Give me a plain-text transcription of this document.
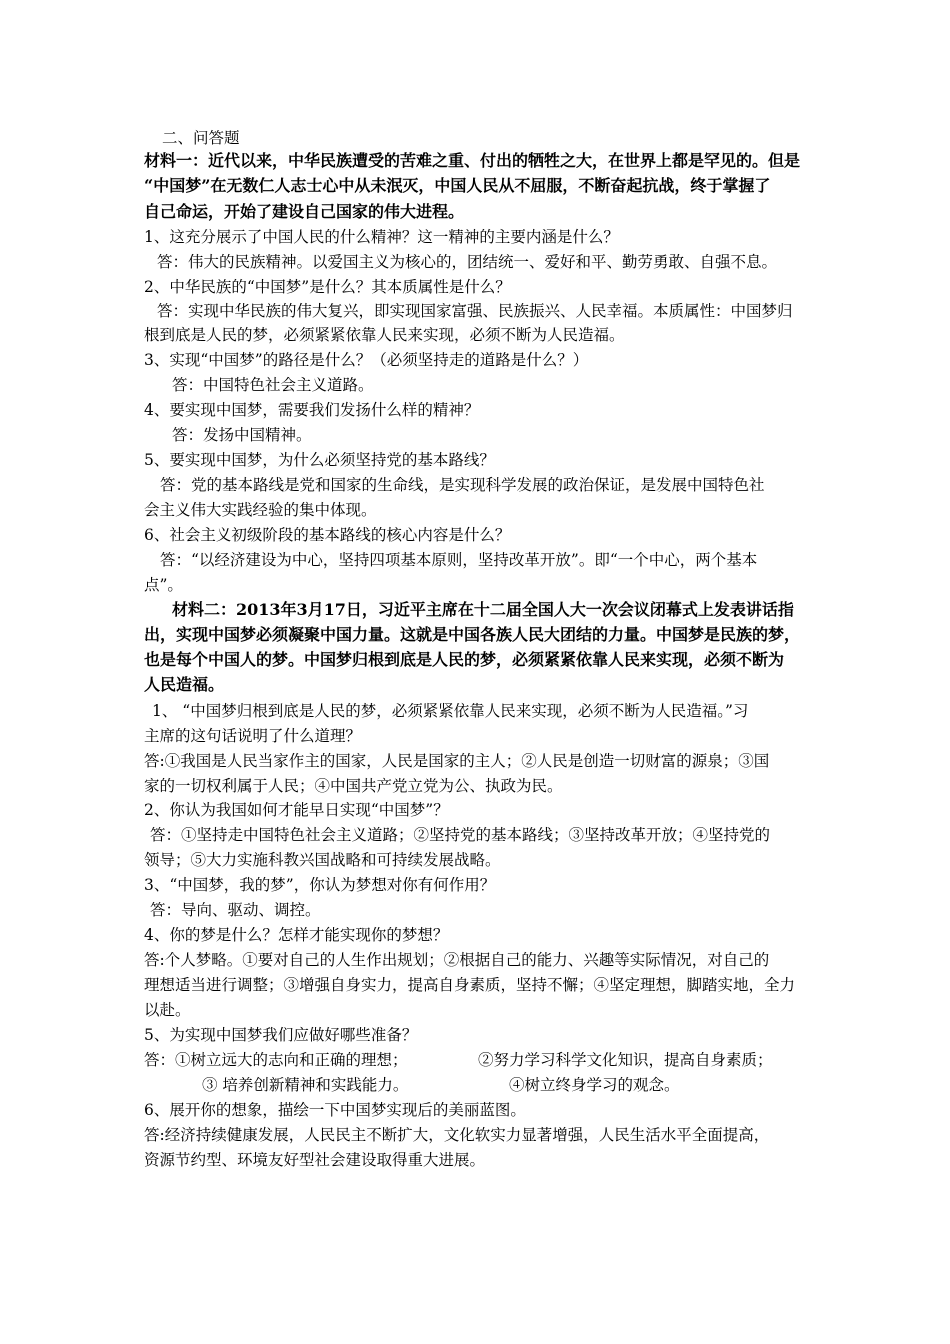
二、问答题
材料一：近代以来，中华民族遭受的苦难之重、付出的牺牲之大，在世界上都是罕见的。但是
“中国梦”在无数仁人志士心中从未泯灭，中国人民从不屈服，不断奋起抗战，终于掌握了
自己命运，开始了建设自己国家的伟大进程。
1、这充分展示了中国人民的什么精神？这一精神的主要内涵是什么？
答：伟大的民族精神。以爱国主义为核心的，团结统一、爱好和平、勤劳勇敢、自强不息。
2、中华民族的“中国梦”是什么？其本质属性是什么？
答：实现中华民族的伟大复兴，即实现国家富强、民族振兴、人民幸福。本质属性：中国梦归
根到底是人民的梦，必须紧紧依靠人民来实现，必须不断为人民造福。
3、实现“中国梦”的路径是什么？（必须坚持走的道路是什么？）
答：中国特色社会主义道路。
4、要实现中国梦，需要我们发扬什么样的精神？
答：发扬中国精神。
5、要实现中国梦，为什么必须坚持党的基本路线？
答：党的基本路线是党和国家的生命线，是实现科学发展的政治保证，是发展中国特色社
会主义伟大实践经验的集中体现。
6、社会主义初级阶段的基本路线的核心内容是什么？
答：“以经济建设为中心，坚持四项基本原则，坚持改革开放”。即“一个中心，两个基本
点”。
材料二：2013年3月17日，习近平主席在十二届全国人大一次会议闭幕式上发表讲话指
出，实现中国梦必须凝聚中国力量。这就是中国各族人民大团结的力量。中国梦是民族的梦，
也是每个中国人的梦。中国梦归根到底是人民的梦，必须紧紧依靠人民来实现，必须不断为
人民造福。
1、 “中国梦归根到底是人民的梦，必须紧紧依靠人民来实现，必须不断为人民造福。”习
主席的这句话说明了什么道理？
答:①我国是人民当家作主的国家，人民是国家的主人；②人民是创造一切财富的源泉；③国
家的一切权利属于人民；④中国共产党立党为公、执政为民。
2、你认为我国如何才能早日实现“中国梦”？
答：①坚持走中国特色社会主义道路；②坚持党的基本路线；③坚持改革开放；④坚持党的
领导；⑤大力实施科教兴国战略和可持续发展战略。
3、“中国梦，我的梦”，你认为梦想对你有何作用？
答：导向、驱动、调控。
4、你的梦是什么？怎样才能实现你的梦想？
答:个人梦略。①要对自己的人生作出规划；②根据自己的能力、兴趣等实际情况，对自己的
理想适当进行调整；③增强自身实力，提高自身素质，坚持不懈；④坚定理想，脚踏实地，全力
以赴。
5、为实现中国梦我们应做好哪些准备？
答：①树立远大的志向和正确的理想；	②努力学习科学文化知识，提高自身素质；
③ 培养创新精神和实践能力。	④树立终身学习的观念。
6、展开你的想象，描绘一下中国梦实现后的美丽蓝图。
答:经济持续健康发展，人民民主不断扩大，文化软实力显著增强，人民生活水平全面提高，
资源节约型、环境友好型社会建设取得重大进展。
